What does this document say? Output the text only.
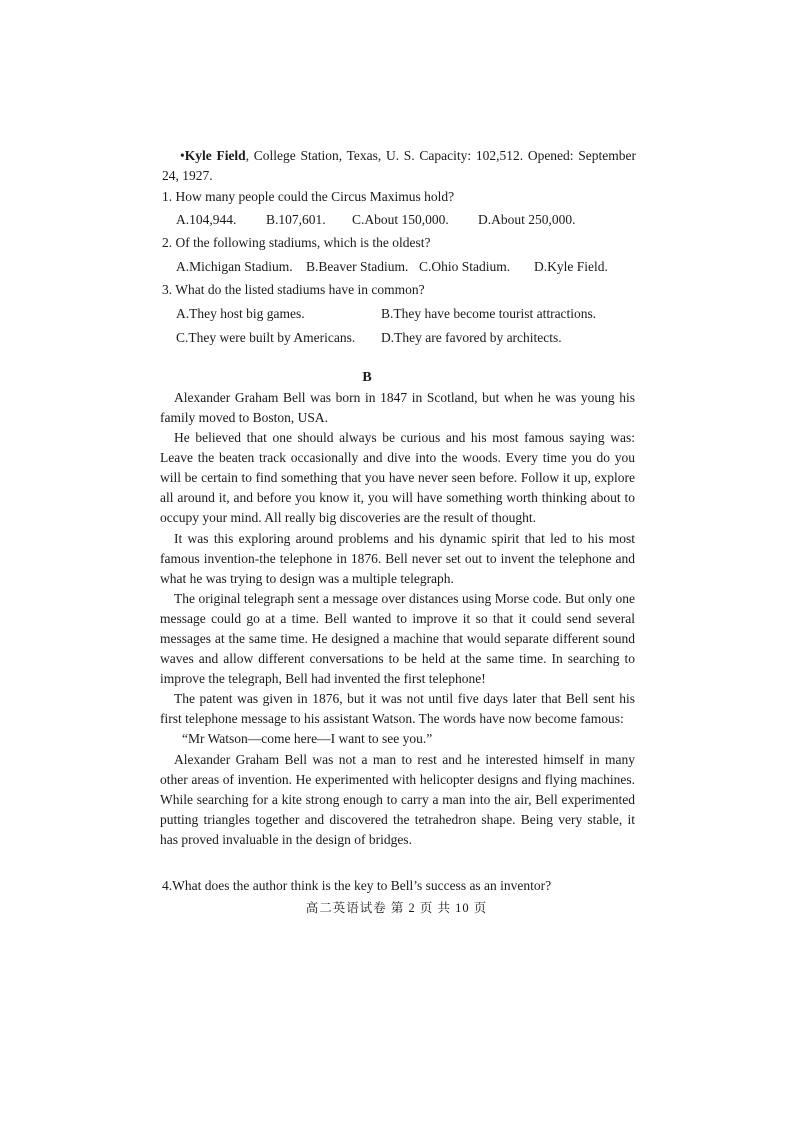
•Kyle Field, College Station, Texas, U. S. Capacity: 102,512. Opened: September 24, 1927.
1. How many people could the Circus Maximus hold?
A.104,944. B.107,601. C.About 150,000. D.About 250,000.
2. Of the following stadiums, which is the oldest?
A.Michigan Stadium. B.Beaver Stadium. C.Ohio Stadium. D.Kyle Field.
3. What do the listed stadiums have in common?
A.They host big games.	B.They have become tourist attractions.
C.They were built by Americans. D.They are favored by architects.
B
Alexander Graham Bell was born in 1847 in Scotland, but when he was young his family moved to Boston, USA.
He believed that one should always be curious and his most famous saying was: Leave the beaten track occasionally and dive into the woods. Every time you do you will be certain to find something that you have never seen before. Follow it up, explore all around it, and before you know it, you will have something worth thinking about to occupy your mind. All really big discoveries are the result of thought.
It was this exploring around problems and his dynamic spirit that led to his most famous invention-the telephone in 1876. Bell never set out to invent the telephone and what he was trying to design was a multiple telegraph.
The original telegraph sent a message over distances using Morse code. But only one message could go at a time. Bell wanted to improve it so that it could send several messages at the same time. He designed a machine that would separate different sound waves and allow different conversations to be held at the same time. In searching to improve the telegraph, Bell had invented the first telephone!
The patent was given in 1876, but it was not until five days later that Bell sent his first telephone message to his assistant Watson. The words have now become famous:
“Mr Watson—come here—I want to see you.”
Alexander Graham Bell was not a man to rest and he interested himself in many other areas of invention. He experimented with helicopter designs and flying machines. While searching for a kite strong enough to carry a man into the air, Bell experimented putting triangles together and discovered the tetrahedron shape. Being very stable, it has proved invaluable in the design of bridges.
4.What does the author think is the key to Bell’s success as an inventor?
高二英语试卷 第 2 页 共 10 页
